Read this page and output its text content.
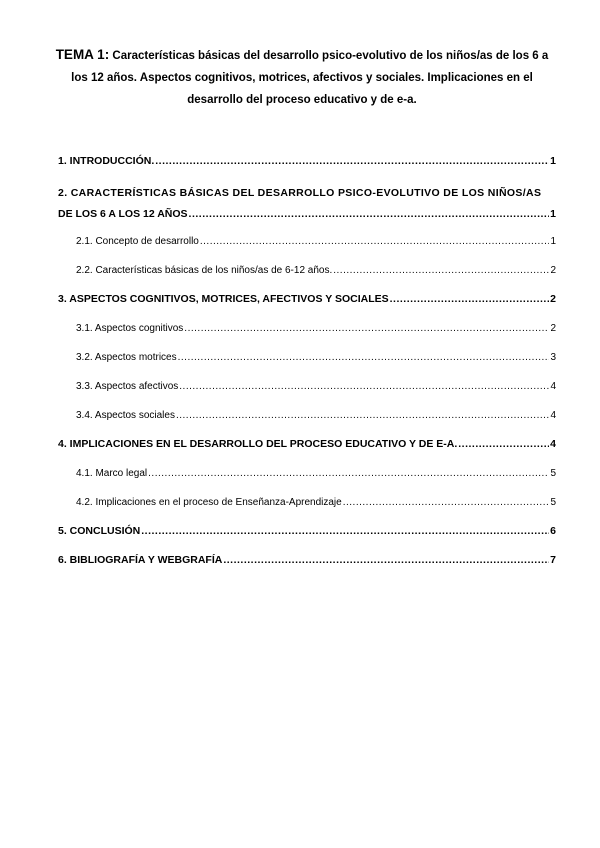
TEMA 1: Características básicas del desarrollo psico-evolutivo de los niños/as de los 6 a los 12 años. Aspectos cognitivos, motrices, afectivos y sociales. Implicaciones en el desarrollo del proceso educativo y de e-a.
1. INTRODUCCIÓN. .....	1
2. CARACTERÍSTICAS BÁSICAS DEL DESARROLLO PSICO-EVOLUTIVO DE LOS NIÑOS/AS
DE LOS 6 A LOS 12 AÑOS .....	1
2.1. Concepto de desarrollo .....	1
2.2. Características básicas de los niños/as de 6-12 años. .....	2
3. ASPECTOS COGNITIVOS, MOTRICES, AFECTIVOS Y SOCIALES .....	2
3.1. Aspectos cognitivos .....	2
3.2. Aspectos motrices .....	3
3.3. Aspectos afectivos .....	4
3.4. Aspectos sociales .....	4
4. IMPLICACIONES EN EL DESARROLLO DEL PROCESO EDUCATIVO Y DE E-A. .....	4
4.1. Marco legal .....	5
4.2. Implicaciones en el proceso de Enseñanza-Aprendizaje .....	5
5. CONCLUSIÓN .....	6
6. BIBLIOGRAFÍA Y WEBGRAFÍA .....	7
